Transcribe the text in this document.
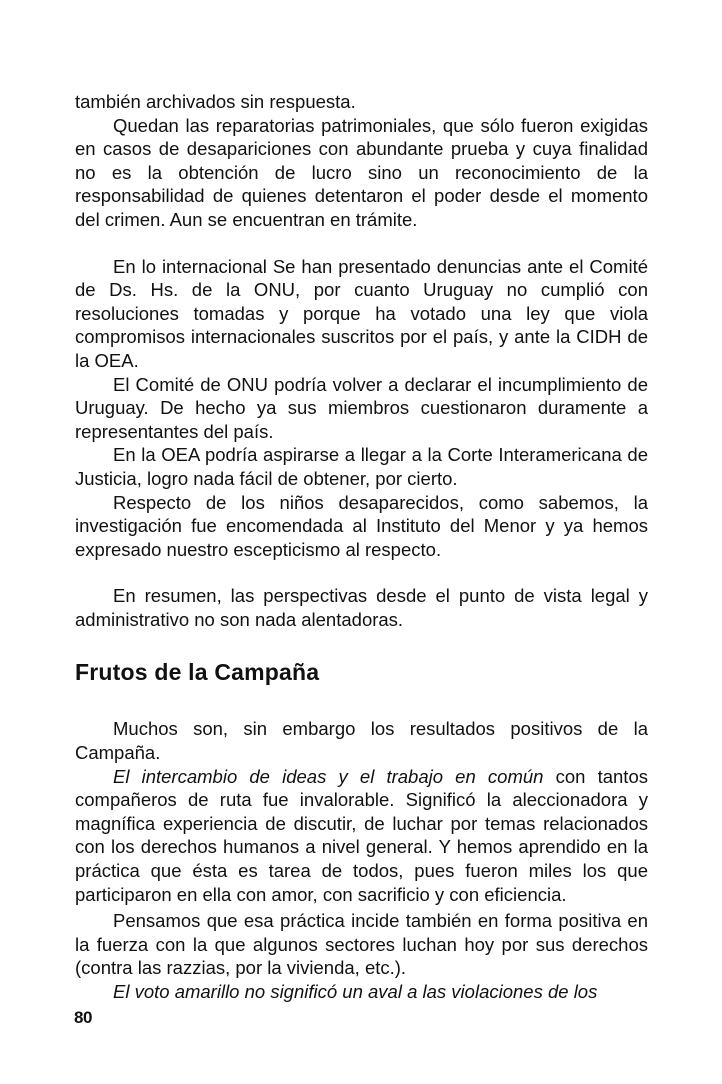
también archivados sin respuesta.

Quedan las reparatorias patrimoniales, que sólo fueron exigidas en casos de desapariciones con abundante prueba y cuya finalidad no es la obtención de lucro sino un reconocimiento de la responsabilidad de quienes detentaron el poder desde el momento del crimen. Aun se encuentran en trámite.

En lo internacional Se han presentado denuncias ante el Comité de Ds. Hs. de la ONU, por cuanto Uruguay no cumplió con resoluciones tomadas y porque ha votado una ley que viola compromisos internacionales suscritos por el país, y ante la CIDH de la OEA.

El Comité de ONU podría volver a declarar el incumplimiento de Uruguay. De hecho ya sus miembros cuestionaron duramente a representantes del país.

En la OEA podría aspirarse a llegar a la Corte Interamericana de Justicia, logro nada fácil de obtener, por cierto.

Respecto de los niños desaparecidos, como sabemos, la investigación fue encomendada al Instituto del Menor y ya hemos expresado nuestro escepticismo al respecto.

En resumen, las perspectivas desde el punto de vista legal y administrativo no son nada alentadoras.

Frutos de la Campaña

Muchos son, sin embargo los resultados positivos de la Campaña.

El intercambio de ideas y el trabajo en común con tantos compañeros de ruta fue invalorable. Significó la aleccionadora y magnífica experiencia de discutir, de luchar por temas relacionados con los derechos humanos a nivel general. Y hemos aprendido en la práctica que ésta es tarea de todos, pues fueron miles los que participaron en ella con amor, con sacrificio y con eficiencia.

Pensamos que esa práctica incide también en forma positiva en la fuerza con la que algunos sectores luchan hoy por sus derechos (contra las razzias, por la vivienda, etc.).

El voto amarillo no significó un aval a las violaciones de los

80
